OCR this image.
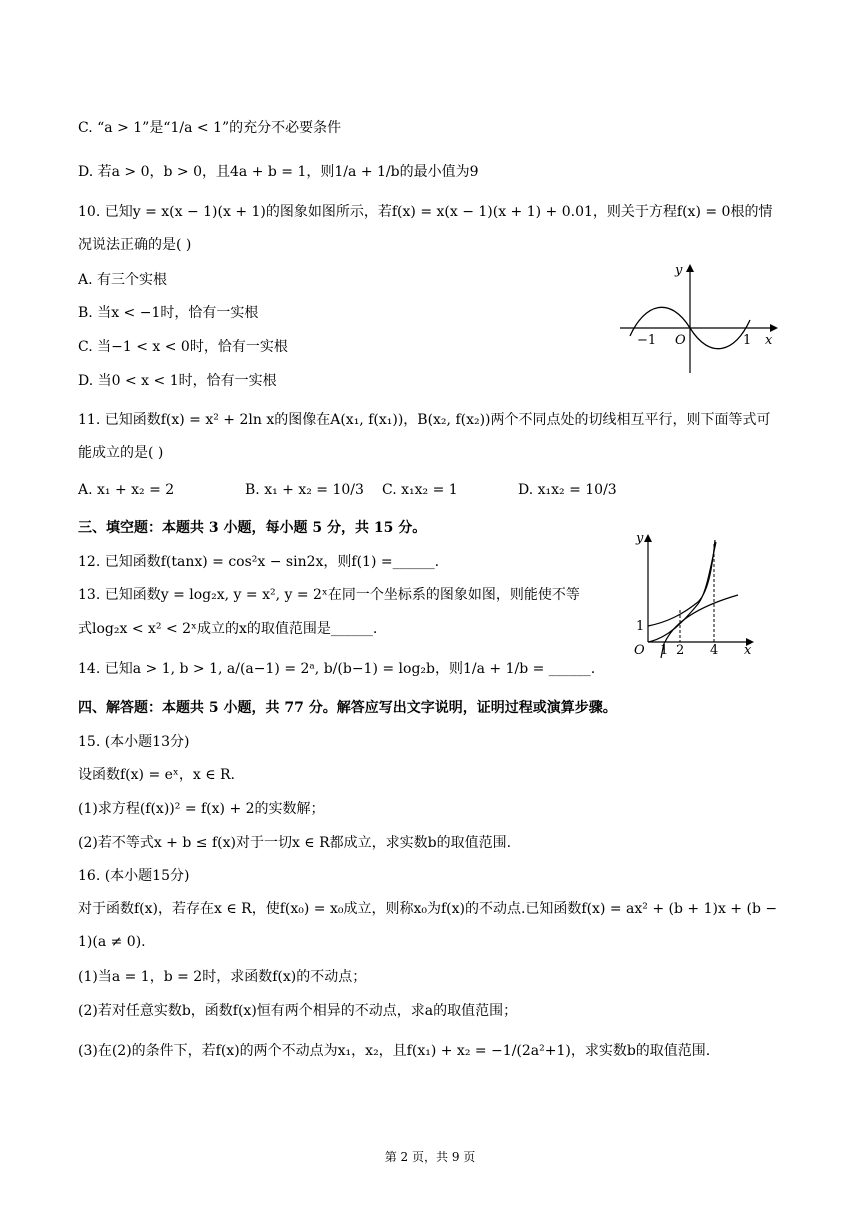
C. “a > 1”是“1/a < 1”的充分不必要条件
D. 若a > 0，b > 0，且4a + b = 1，则1/a + 1/b的最小值为9
10. 已知y = x(x − 1)(x + 1)的图象如图所示，若f(x) = x(x − 1)(x + 1) + 0.01，则关于方程f(x) = 0根的情况说法正确的是( )
A. 有三个实根
B. 当x < −1时，恰有一实根
C. 当−1 < x < 0时，恰有一实根
D. 当0 < x < 1时，恰有一实根
y
x
O
−1	1
11. 已知函数f(x) = x² + 2ln x的图像在A(x₁, f(x₁))，B(x₂, f(x₂))两个不同点处的切线相互平行，则下面等式可能成立的是( )
A. x₁ + x₂ = 2	B. x₁ + x₂ = 10/3 C. x₁x₂ = 1	D. x₁x₂ = 10/3
三、填空题：本题共 3 小题，每小题 5 分，共 15 分。
12. 已知函数f(tanx) = cos²x − sin2x，则f(1) =______.
13. 已知函数y = log₂x, y = x², y = 2ˣ在同一个坐标系的图象如图，则能使不等
式log₂x < x² < 2ˣ成立的x的取值范围是______.
14. 已知a > 1, b > 1, a/(a−1) = 2ᵃ, b/(b−1) = log₂b，则1/a + 1/b = ______.
y
x
O
1
1 2 4
四、解答题：本题共 5 小题，共 77 分。解答应写出文字说明，证明过程或演算步骤。
15. (本小题13分)
设函数f(x) = eˣ，x ∈ R.
(1)求方程(f(x))² = f(x) + 2的实数解；
(2)若不等式x + b ≤ f(x)对于一切x ∈ R都成立，求实数b的取值范围.
16. (本小题15分)
对于函数f(x)，若存在x ∈ R，使f(x₀) = x₀成立，则称x₀为f(x)的不动点.已知函数f(x) = ax² + (b + 1)x + (b − 1)(a ≠ 0).
(1)当a = 1，b = 2时，求函数f(x)的不动点；
(2)若对任意实数b，函数f(x)恒有两个相异的不动点，求a的取值范围；
(3)在(2)的条件下，若f(x)的两个不动点为x₁，x₂，且f(x₁) + x₂ = −1/(2a²+1)，求实数b的取值范围.
第 2 页，共 9 页
